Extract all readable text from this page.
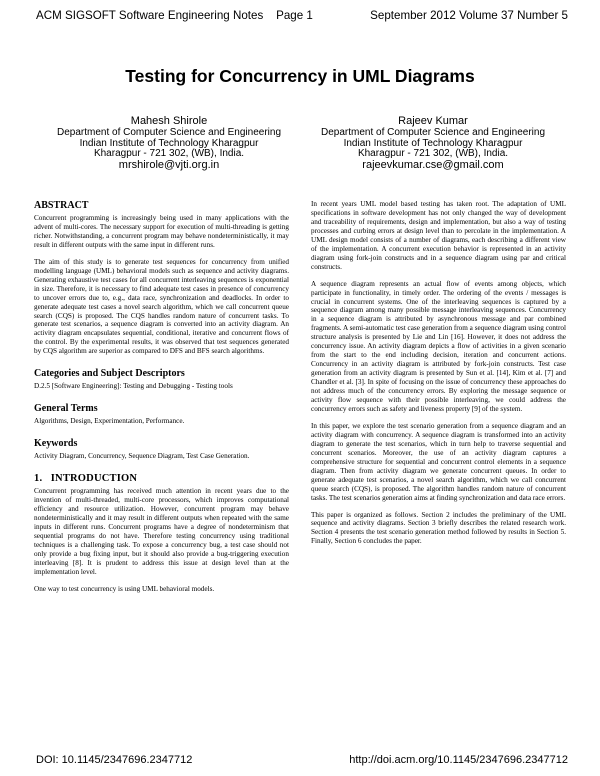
ACM SIGSOFT Software Engineering Notes    Page 1	September 2012 Volume 37 Number 5
Testing for Concurrency in UML Diagrams
Mahesh Shirole
Department of Computer Science and Engineering
Indian Institute of Technology Kharagpur
Kharagpur - 721 302, (WB), India.
mrshirole@vjti.org.in
Rajeev Kumar
Department of Computer Science and Engineering
Indian Institute of Technology Kharagpur
Kharagpur - 721 302, (WB), India.
rajeevkumar.cse@gmail.com
ABSTRACT

Concurrent programming is increasingly being used in many applications with the advent of multi-cores. The necessary support for execution of multi-threading is getting richer. Notwithstanding, a concurrent program may behave nondeterministically, it may result in different outputs with the same input in different runs.

The aim of this study is to generate test sequences for concurrency from unified modelling language (UML) behavioral models such as sequence and activity diagrams. Generating exhaustive test cases for all concurrent interleaving sequences is exponential in size. Therefore, it is necessary to find adequate test cases in presence of concurrency to uncover errors due to, e.g., data race, synchronization and deadlocks. In order to generate adequate test cases a novel search algorithm, which we call concurrent queue search (CQS) is proposed. The CQS handles random nature of concurrent tasks. To generate test scenarios, a sequence diagram is converted into an activity diagram. An activity diagram encapsulates sequential, conditional, iterative and concurrent flows of the control. By the experimental results, it was observed that test sequences generated by CQS algorithm are superior as compared to DFS and BFS search algorithms.

Categories and Subject Descriptors

D.2.5 [Software Engineering]: Testing and Debugging - Testing tools

General Terms

Algorithms, Design, Experimentation, Performance.

Keywords

Activity Diagram, Concurrency, Sequence Diagram, Test Case Generation.

1.   INTRODUCTION

Concurrent programming has received much attention in recent years due to the invention of multi-threaded, multi-core processors, which improves computational efficiency and resource utilization. However, concurrent program may behave nondeterministically and it may result in different outputs when repeated with the same inputs in different runs. Concurrent programs have a degree of nondeterminism that sequential programs do not have. Therefore testing concurrency using traditional techniques is a challenging task. To expose a concurrency bug, a test case should not only provide a bug fixing input, but it should also provide a bug-triggering execution interleaving [8]. It is prudent to address this issue at design level than at the implementation level.

One way to test concurrency is using UML behavioral models.

In recent years UML model based testing has taken root. The adaptation of UML specifications in software development has not only changed the way of development and traceability of requirements, design and implementation, but also a way of testing processes and curbing errors at design level than to percolate in the implementation. A UML design model consists of a number of diagrams, each describing a different view of the implementation. A concurrent execution behavior is represented in an activity diagram using fork-join constructs and in a sequence diagram using par and critical constructs.

A sequence diagram represents an actual flow of events among objects, which participate in functionality, in timely order. The ordering of the events / messages is crucial in concurrent systems. One of the interleaving sequences is captured by a sequence diagram among many possible message interleaving sequences. Concurrency in a sequence diagram is attributed by asynchronous message and par combined fragments. A semi-automatic test case generation from a sequence diagram using control structure analysis is presented by Lie and Lin [16]. However, it does not address the concurrency issue. An activity diagram depicts a flow of activities in a given scenario from the start to the end including decision, iteration and concurrent actions. Concurrency in an activity diagram is attributed by fork-join constructs. Test case generation from an activity diagram is presented by Sun et al. [14], Kim et al. [7] and Chandler et al. [3]. In spite of focusing on the issue of concurrency these approaches do not address much of the concurrency errors. By exploring the message sequence or activity flow sequence with their possible interleaving, we could address the concurrency errors such as safety and liveness property [9] of the system.

In this paper, we explore the test scenario generation from a sequence diagram and an activity diagram with concurrency. A sequence diagram is transformed into an activity diagram to generate the test scenarios, which in turn help to traverse sequential and concurrent scenarios. Moreover, the use of an activity diagram captures a comprehensive structure for sequential and concurrent control elements in a sequence diagram. Then from activity diagram we generate concurrent queues. In order to generate adequate test scenarios, a novel search algorithm, which we call concurrent queue search (CQS), is proposed. The algorithm handles random nature of concurrent tasks. The test scenarios generation aims at finding synchronization and data race errors.

This paper is organized as follows. Section 2 includes the preliminary of the UML sequence and activity diagrams. Section 3 briefly describes the related research work. Section 4 presents the test scenario generation method followed by results in Section 5. Finally, Section 6 concludes the paper.

DOI: 10.1145/2347696.2347712	http://doi.acm.org/10.1145/2347696.2347712
